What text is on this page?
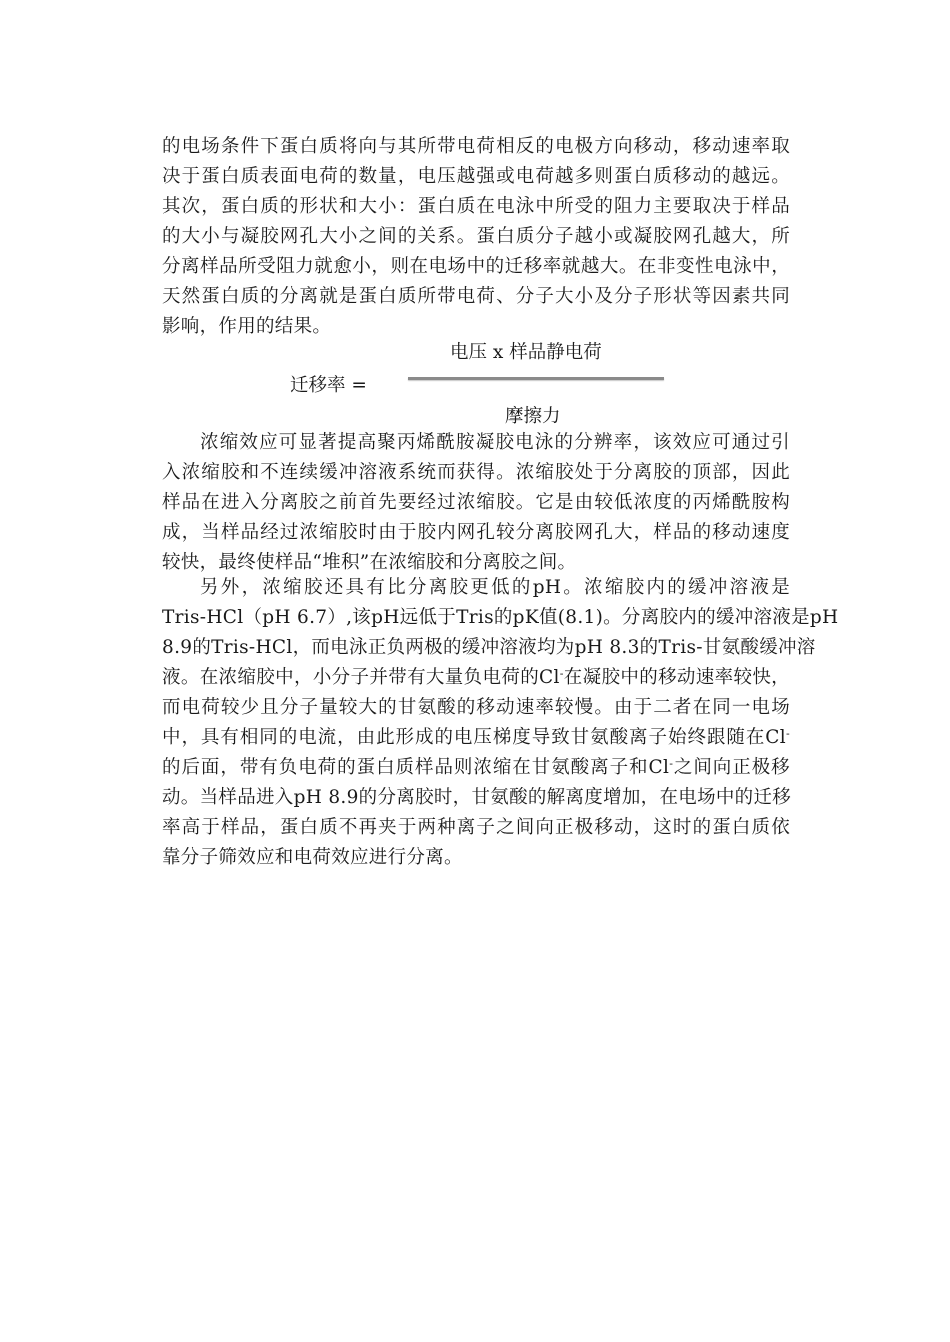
的电场条件下蛋白质将向与其所带电荷相反的电极方向移动，移动速率取
决于蛋白质表面电荷的数量，电压越强或电荷越多则蛋白质移动的越远。
其次，蛋白质的形状和大小：蛋白质在电泳中所受的阻力主要取决于样品
的大小与凝胶网孔大小之间的关系。蛋白质分子越小或凝胶网孔越大，所
分离样品所受阻力就愈小，则在电场中的迁移率就越大。在非变性电泳中，
天然蛋白质的分离就是蛋白质所带电荷、分子大小及分子形状等因素共同
影响，作用的结果。
电压 x 样品静电荷
迁移率 =
摩擦力
浓缩效应可显著提高聚丙烯酰胺凝胶电泳的分辨率，该效应可通过引
入浓缩胶和不连续缓冲溶液系统而获得。浓缩胶处于分离胶的顶部，因此
样品在进入分离胶之前首先要经过浓缩胶。它是由较低浓度的丙烯酰胺构
成，当样品经过浓缩胶时由于胶内网孔较分离胶网孔大，样品的移动速度
较快，最终使样品“堆积”在浓缩胶和分离胶之间。
另外，浓缩胶还具有比分离胶更低的pH。浓缩胶内的缓冲溶液是
Tris-HCl（pH 6.7）,该pH远低于Tris的pK值(8.1)。分离胶内的缓冲溶液是pH
8.9的Tris-HCl，而电泳正负两极的缓冲溶液均为pH 8.3的Tris-甘氨酸缓冲溶
液。在浓缩胶中，小分子并带有大量负电荷的Cl-在凝胶中的移动速率较快，
而电荷较少且分子量较大的甘氨酸的移动速率较慢。由于二者在同一电场
中，具有相同的电流，由此形成的电压梯度导致甘氨酸离子始终跟随在Cl-
的后面，带有负电荷的蛋白质样品则浓缩在甘氨酸离子和Cl-之间向正极移
动。当样品进入pH 8.9的分离胶时，甘氨酸的解离度增加，在电场中的迁移
率高于样品，蛋白质不再夹于两种离子之间向正极移动，这时的蛋白质依
靠分子筛效应和电荷效应进行分离。
